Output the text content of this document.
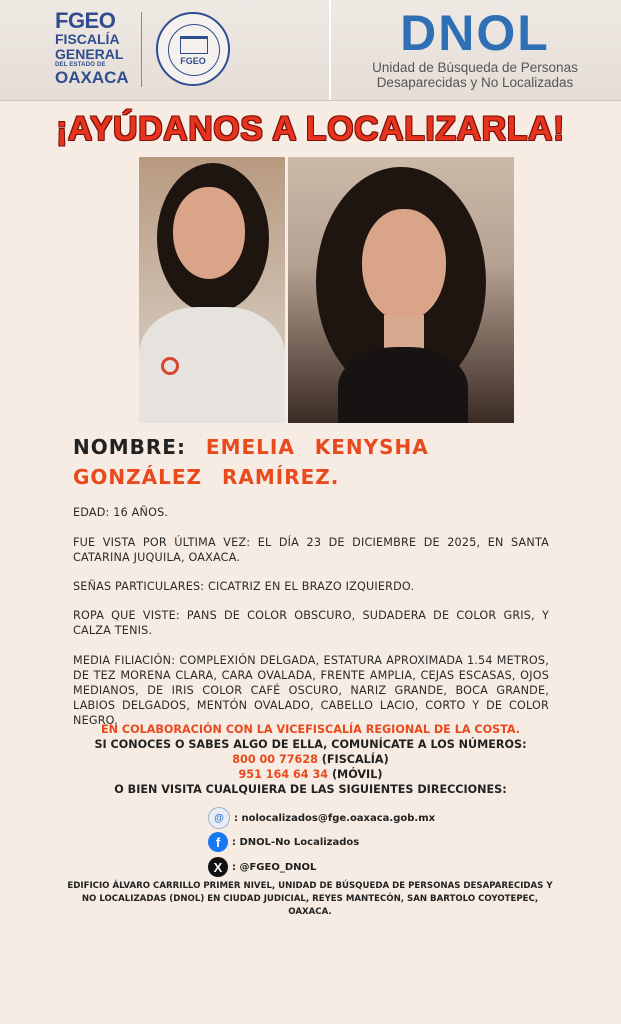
FGEO
FISCALÍA
GENERAL
DEL ESTADO DE
OAXACA
FGEO	DNOL
Unidad de Búsqueda de Personas
Desaparecidas y No Localizadas
¡AYÚDANOS A LOCALIZARLA!
NOMBRE: EMELIA KENYSHA GONZÁLEZ RAMÍREZ.
EDAD: 16 AÑOS.
FUE VISTA POR ÚLTIMA VEZ: EL DÍA 23 DE DICIEMBRE DE 2025, EN SANTA CATARINA JUQUILA, OAXACA.
SEÑAS PARTICULARES: CICATRIZ EN EL BRAZO IZQUIERDO.
ROPA QUE VISTE: PANS DE COLOR OBSCURO, SUDADERA DE COLOR GRIS, Y CALZA TENIS.
MEDIA FILIACIÓN: COMPLEXIÓN DELGADA, ESTATURA APROXIMADA 1.54 METROS, DE TEZ MORENA CLARA, CARA OVALADA, FRENTE AMPLIA, CEJAS ESCASAS, OJOS MEDIANOS, DE IRIS COLOR CAFÉ OSCURO, NARIZ GRANDE, BOCA GRANDE, LABIOS DELGADOS, MENTÓN OVALADO, CABELLO LACIO, CORTO Y DE COLOR NEGRO.
EN COLABORACIÓN CON LA VICEFISCALÍA REGIONAL DE LA COSTA.
SI CONOCES O SABES ALGO DE ELLA, COMUNÍCATE A LOS NÚMEROS:
800 00 77628 (FISCALÍA)
951 164 64 34 (MÓVIL)
O BIEN VISITA CUALQUIERA DE LAS SIGUIENTES DIRECCIONES:
@	: nolocalizados@fge.oaxaca.gob.mx
f	: DNOL-No Localizados
X : @FGEO_DNOL
EDIFICIO ÁLVARO CARRILLO PRIMER NIVEL, UNIDAD DE BÚSQUEDA DE PERSONAS DESAPARECIDAS Y NO LOCALIZADAS (DNOL) EN CIUDAD JUDICIAL, REYES MANTECÓN, SAN BARTOLO COYOTEPEC, OAXACA.
